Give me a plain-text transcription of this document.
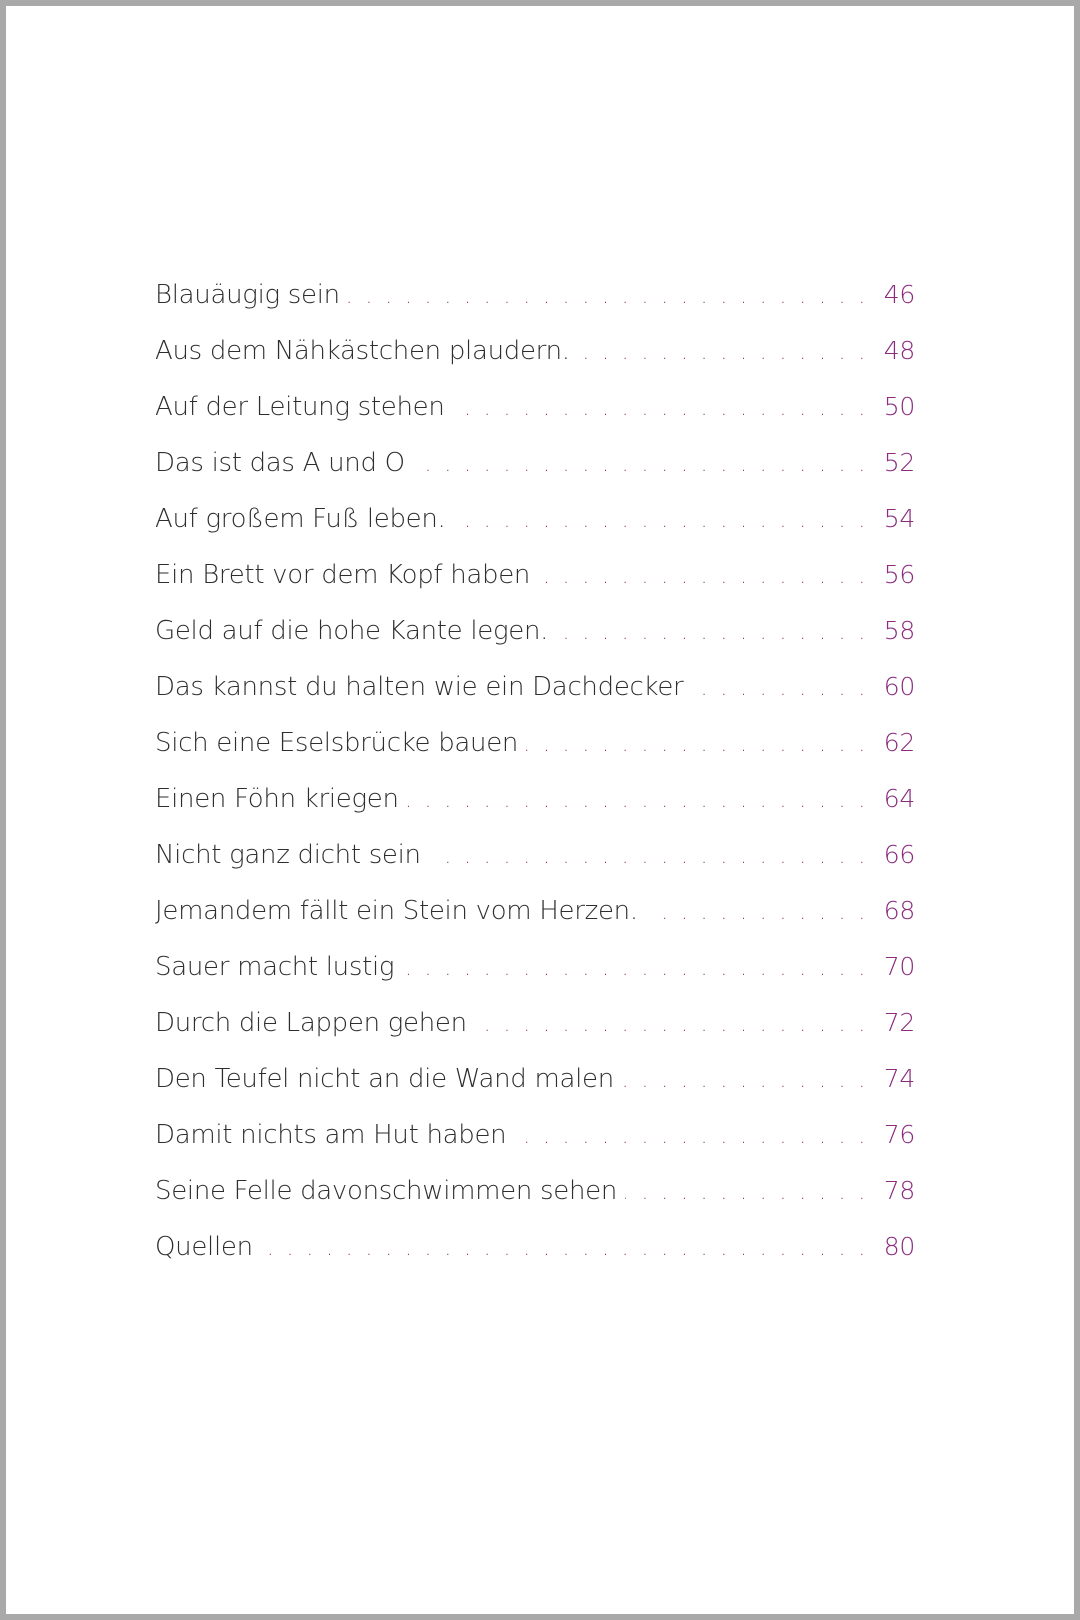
Blauäugig sein . . .	46
Aus dem Nähkästchen plaudern. . . .	48
Auf der Leitung stehen . . .	50
Das ist das A und O . . .	52
Auf großem Fuß leben. . . .	54
Ein Brett vor dem Kopf haben . . .	56
Geld auf die hohe Kante legen. . . .	58
Das kannst du halten wie ein Dachdecker . . .	60
Sich eine Eselsbrücke bauen . . .	62
Einen Föhn kriegen . . .	64
Nicht ganz dicht sein . . .	66
Jemandem fällt ein Stein vom Herzen. . . .	68
Sauer macht lustig . . .	70
Durch die Lappen gehen . . .	72
Den Teufel nicht an die Wand malen . . .	74
Damit nichts am Hut haben . . .	76
Seine Felle davonschwimmen sehen . . .	78
Quellen . . .	80
